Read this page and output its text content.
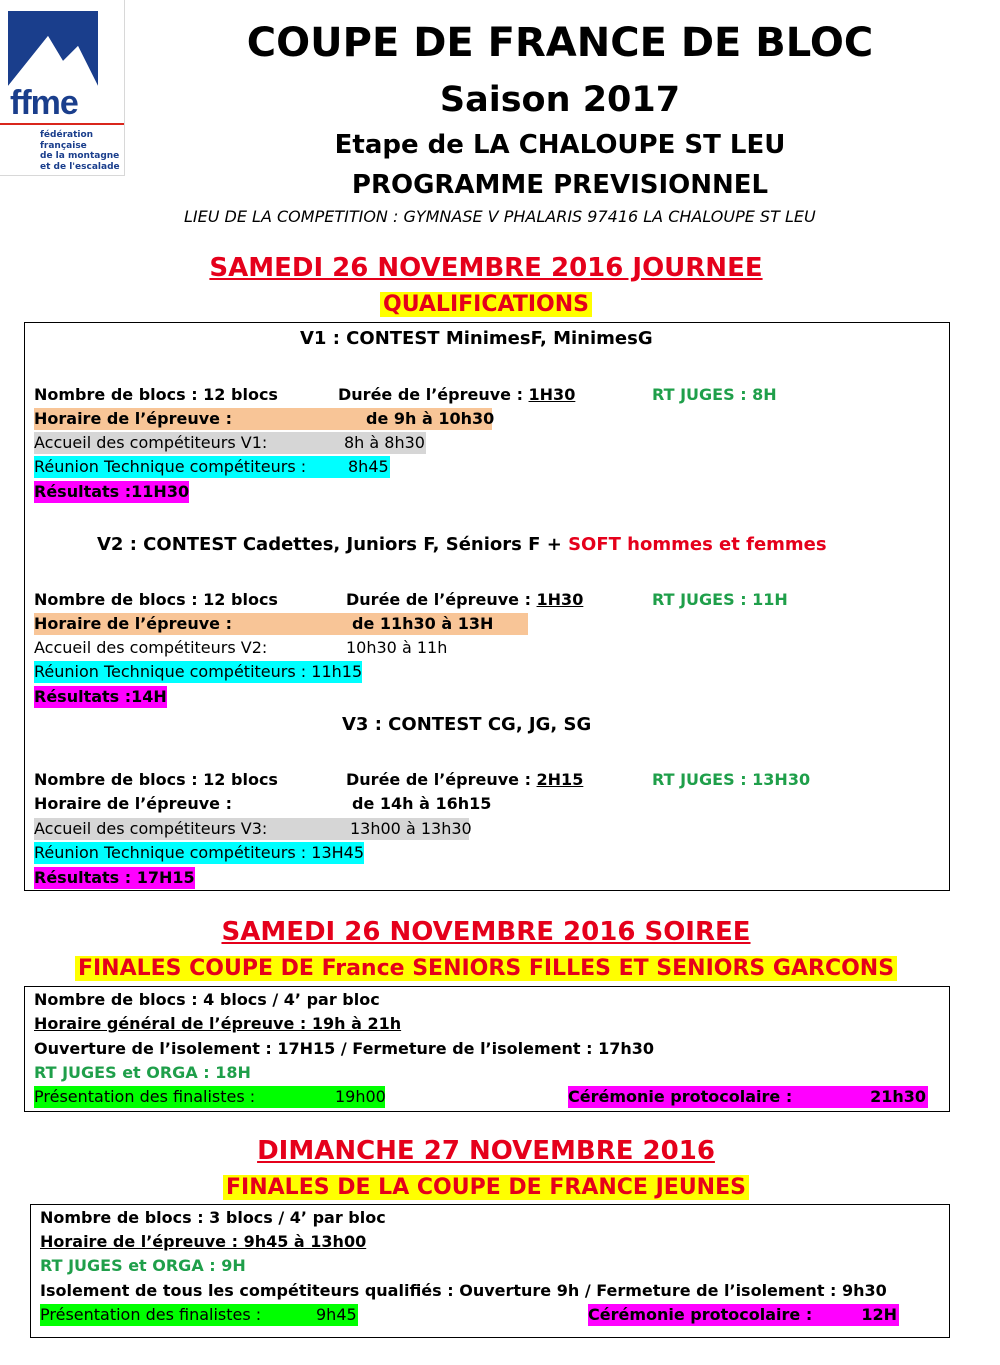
ffme
fédération
française
de la montagne
et de l'escalade
COUPE DE FRANCE DE BLOC
Saison 2017
Etape de LA CHALOUPE ST LEU
PROGRAMME PREVISIONNEL
LIEU DE LA COMPETITION : GYMNASE V PHALARIS 97416 LA CHALOUPE ST LEU
SAMEDI 26 NOVEMBRE 2016 JOURNEE
QUALIFICATIONS
V1 : CONTEST MinimesF, MinimesG
Nombre de blocs : 12 blocs	Durée de l’épreuve : 1H30	RT JUGES : 8H
Horaire de l’épreuve :	de 9h à 10h30
Accueil des compétiteurs V1:	8h à 8h30
Réunion Technique compétiteurs :	8h45
Résultats :11H30
V2 : CONTEST Cadettes, Juniors F, Séniors F + SOFT hommes et femmes
Nombre de blocs : 12 blocs	Durée de l’épreuve : 1H30	RT JUGES : 11H
Horaire de l’épreuve :	de 11h30 à 13H
Accueil des compétiteurs V2:	10h30 à 11h
Réunion Technique compétiteurs : 11h15
Résultats :14H
V3 : CONTEST CG, JG, SG
Nombre de blocs : 12 blocs	Durée de l’épreuve : 2H15	RT JUGES : 13H30
Horaire de l’épreuve :	de 14h à 16h15
Accueil des compétiteurs V3:	13h00 à 13h30
Réunion Technique compétiteurs : 13H45
Résultats : 17H15
SAMEDI 26 NOVEMBRE 2016 SOIREE
FINALES COUPE DE France SENIORS FILLES ET SENIORS GARCONS
Nombre de blocs : 4 blocs / 4’ par bloc
Horaire général de l’épreuve : 19h à 21h
Ouverture de l’isolement : 17H15 / Fermeture de l’isolement : 17h30
RT JUGES et ORGA : 18H
Présentation des finalistes :	19h00	Cérémonie protocolaire :	21h30
DIMANCHE 27 NOVEMBRE 2016
FINALES DE LA COUPE DE FRANCE JEUNES
Nombre de blocs : 3 blocs / 4’ par bloc
Horaire de l’épreuve : 9h45 à 13h00
RT JUGES et ORGA : 9H
Isolement de tous les compétiteurs qualifiés : Ouverture 9h / Fermeture de l’isolement : 9h30
Présentation des finalistes :	9h45	Cérémonie protocolaire :	12H
